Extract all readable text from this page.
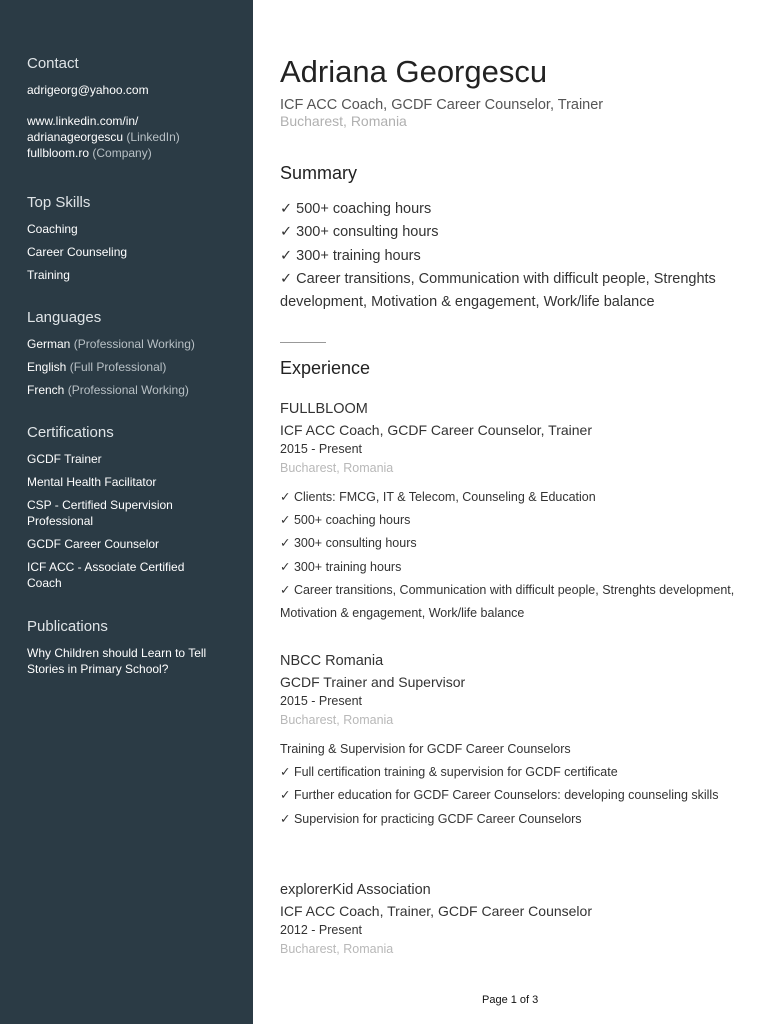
Contact

adrigeorg@yahoo.com

www.linkedin.com/in/
adrianageorgescu (LinkedIn)

fullbloom.ro (Company)

Top Skills
Coaching
Career Counseling
Training
Languages
German (Professional Working)
English (Full Professional)
French (Professional Working)
Certifications
GCDF Trainer
Mental Health Facilitator
CSP - Certified Supervision Professional
GCDF Career Counselor
ICF ACC - Associate Certified Coach
Publications
Why Children should Learn to Tell Stories in Primary School?
Adriana Georgescu
ICF ACC Coach, GCDF Career Counselor, Trainer
Bucharest, Romania
Summary
✓ 500+ coaching hours
✓ 300+ consulting hours
✓ 300+ training hours
✓ Career transitions, Communication with difficult people, Strenghts development, Motivation & engagement, Work/life balance
Experience
FULLBLOOM
ICF ACC Coach, GCDF Career Counselor, Trainer
2015 - Present
Bucharest, Romania
✓ Clients: FMCG, IT & Telecom, Counseling & Education
✓ 500+ coaching hours
✓ 300+ consulting hours
✓ 300+ training hours
✓ Career transitions, Communication with difficult people, Strenghts development, Motivation & engagement, Work/life balance
NBCC Romania
GCDF Trainer and Supervisor
2015 - Present
Bucharest, Romania
Training & Supervision for GCDF Career Counselors
✓ Full certification training & supervision for GCDF certificate
✓ Further education for GCDF Career Counselors: developing counseling skills
✓ Supervision for practicing GCDF Career Counselors
explorerKid Association
ICF ACC Coach, Trainer, GCDF Career Counselor
2012 - Present
Bucharest, Romania
Page 1 of 3
